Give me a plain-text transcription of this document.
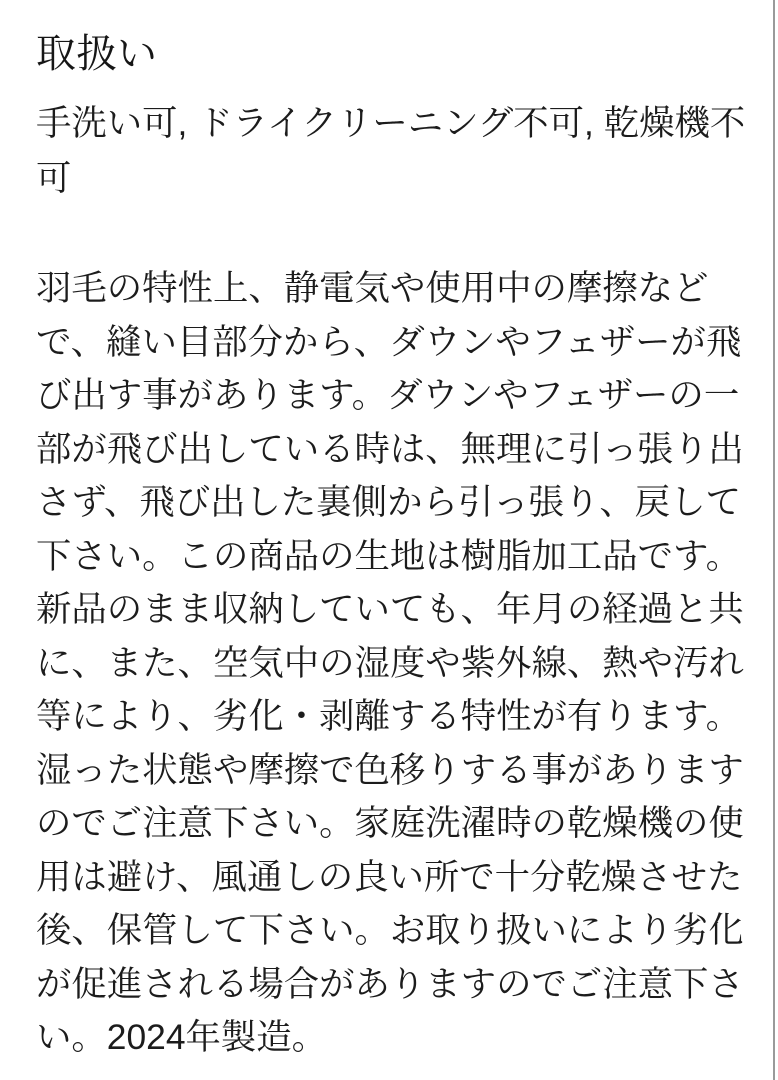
取扱い

手洗い可, ドライクリーニング不可, 乾燥機不可

羽毛の特性上、静電気や使用中の摩擦などで、縫い目部分から、ダウンやフェザーが飛び出す事があります。ダウンやフェザーの一部が飛び出している時は、無理に引っ張り出さず、飛び出した裏側から引っ張り、戻して下さい。この商品の生地は樹脂加工品です。新品のまま収納していても、年月の経過と共に、また、空気中の湿度や紫外線、熱や汚れ等により、劣化・剥離する特性が有ります。湿った状態や摩擦で色移りする事がありますのでご注意下さい。家庭洗濯時の乾燥機の使用は避け、風通しの良い所で十分乾燥させた後、保管して下さい。お取り扱いにより劣化が促進される場合がありますのでご注意下さい。2024年製造。
